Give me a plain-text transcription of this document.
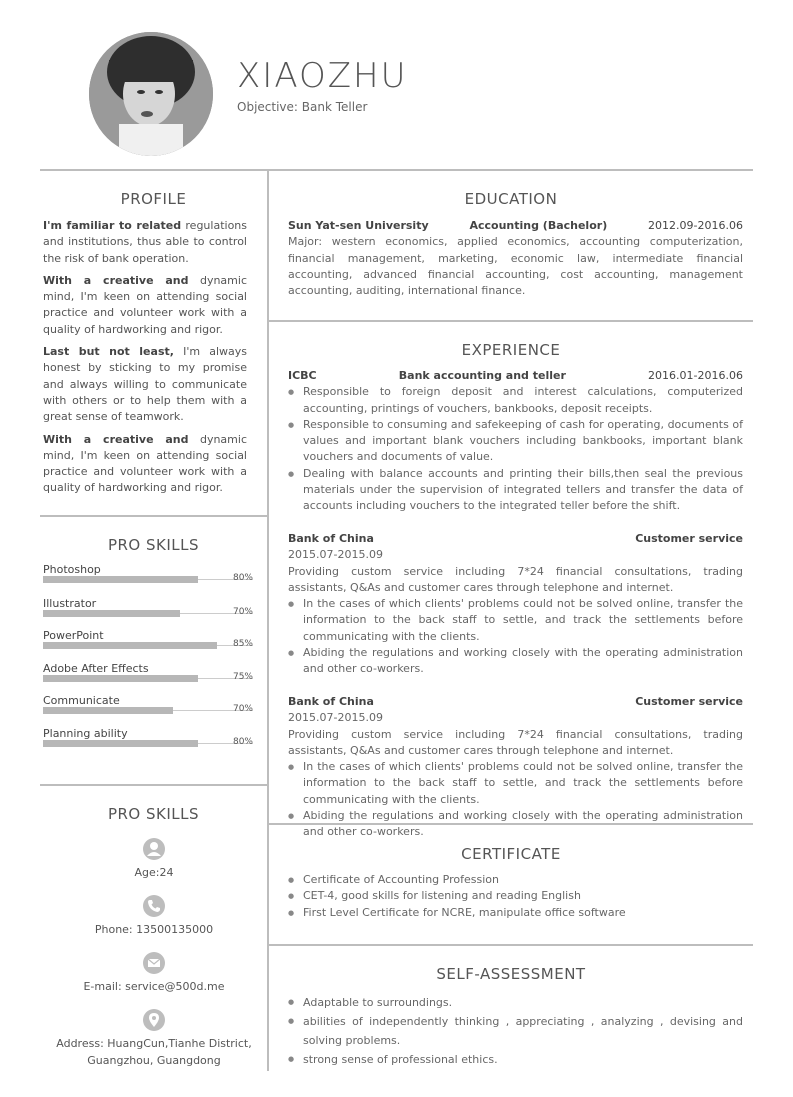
XIAOZHU
Objective: Bank Teller
PROFILE

I'm familiar to related regulations and institutions, thus able to control the risk of bank operation.

With a creative and dynamic mind, I'm keen on attending social practice and volunteer work with a quality of hardworking and rigor.

Last but not least, I'm always honest by sticking to my promise and always willing to communicate with others or to help them with a great sense of teamwork.

With a creative and dynamic mind, I'm keen on attending social practice and volunteer work with a quality of hardworking and rigor.

PRO SKILLS
Photoshop
80%
Illustrator
70%
PowerPoint
85%
Adobe After Effects
75%
Communicate
70%
Planning ability
80%
PRO SKILLS
Age:24
Phone: 13500135000
E-mail: service@500d.me
Address: HuangCun,Tianhe District,
Guangzhou, Guangdong
EDUCATION
Sun Yat-sen University	Accounting (Bachelor)	2012.09-2016.06
Major: western economics, applied economics, accounting computerization, financial management, marketing, economic law, intermediate financial accounting, advanced financial accounting, cost accounting, management accounting, auditing, international finance.
EXPERIENCE
ICBC	Bank accounting and teller	2016.01-2016.06
● Responsible to foreign deposit and interest calculations, computerized accounting, printings of vouchers, bankbooks, deposit receipts.
● Responsible to consuming and safekeeping of cash for operating, documents of values and important blank vouchers including bankbooks, important blank vouchers and documents of value.
● Dealing with balance accounts and printing their bills,then seal the previous materials under the supervision of integrated tellers and transfer the data of accounts including vouchers to the integrated teller before the shift.
Bank of China	Customer service
2015.07-2015.09
Providing custom service including 7*24 financial consultations, trading assistants, Q&As and customer cares through telephone and internet.
● In the cases of which clients' problems could not be solved online, transfer the information to the back staff to settle, and track the settlements before communicating with the clients.
● Abiding the regulations and working closely with the operating administration and other co-workers.
Bank of China	Customer service
2015.07-2015.09
Providing custom service including 7*24 financial consultations, trading assistants, Q&As and customer cares through telephone and internet.
● In the cases of which clients' problems could not be solved online, transfer the information to the back staff to settle, and track the settlements before communicating with the clients.
● Abiding the regulations and working closely with the operating administration and other co-workers.
CERTIFICATE
● Certificate of Accounting Profession
● CET-4, good skills for listening and reading English
● First Level Certificate for NCRE, manipulate office software
SELF-ASSESSMENT
● Adaptable to surroundings.
● abilities of independently thinking , appreciating , analyzing , devising and solving problems.
● strong sense of professional ethics.
